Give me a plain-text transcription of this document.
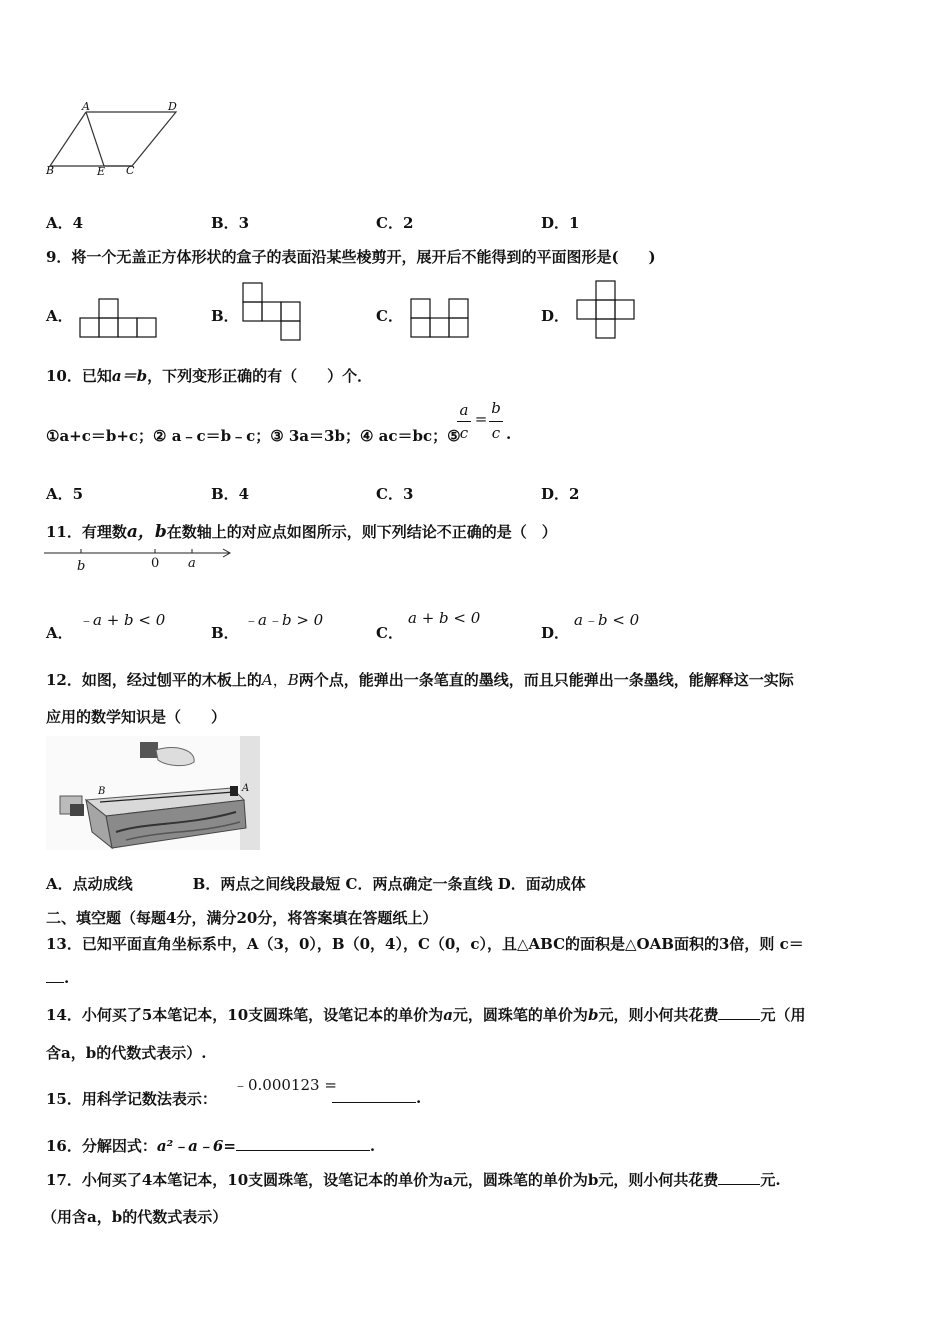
A	D
B	E C
A．4	B．3	C．2	D．1
9．将一个无盖正方体形状的盒子的表面沿某些棱剪开，展开后不能得到的平面图形是(　　)
A．	B．	C．	D．
10．已知a＝b，下列变形正确的有（　　）个．
①a+c＝b+c；② a﹣c＝b﹣c；③ 3a＝3b；④ ac＝bc；⑤
a
c
=
b
c .
A．5	B．4	C．3	D．2
11．有理数a，b在数轴上的对应点如图所示，则下列结论不正确的是（　）
b	0 a
A．
﹣a + b < 0
B．
﹣a﹣b > 0
C．
a + b < 0
D．
a﹣b < 0
12．如图，经过刨平的木板上的A，B两个点，能弹出一条笔直的墨线，而且只能弹出一条墨线，能解释这一实际
应用的数学知识是（　　）
B	A
A．点动成线　　　　B．两点之间线段最短 C．两点确定一条直线 D．面动成体
二、填空题（每题4分，满分20分，将答案填在答题纸上）
13．已知平面直角坐标系中，A（3，0），B（0，4），C（0，c），且△ABC的面积是△OAB面积的3倍，则 c＝
.
14．小何买了5本笔记本，10支圆珠笔，设笔记本的单价为a元，圆珠笔的单价为b元，则小何共花费	元（用
含a，b的代数式表示）.
15．用科学记数法表示：
﹣0.000123 =
.
16．分解因式：a²﹣a﹣6=	.
17．小何买了4本笔记本，10支圆珠笔，设笔记本的单价为a元，圆珠笔的单价为b元，则小何共花费	元.
（用含a，b的代数式表示）
